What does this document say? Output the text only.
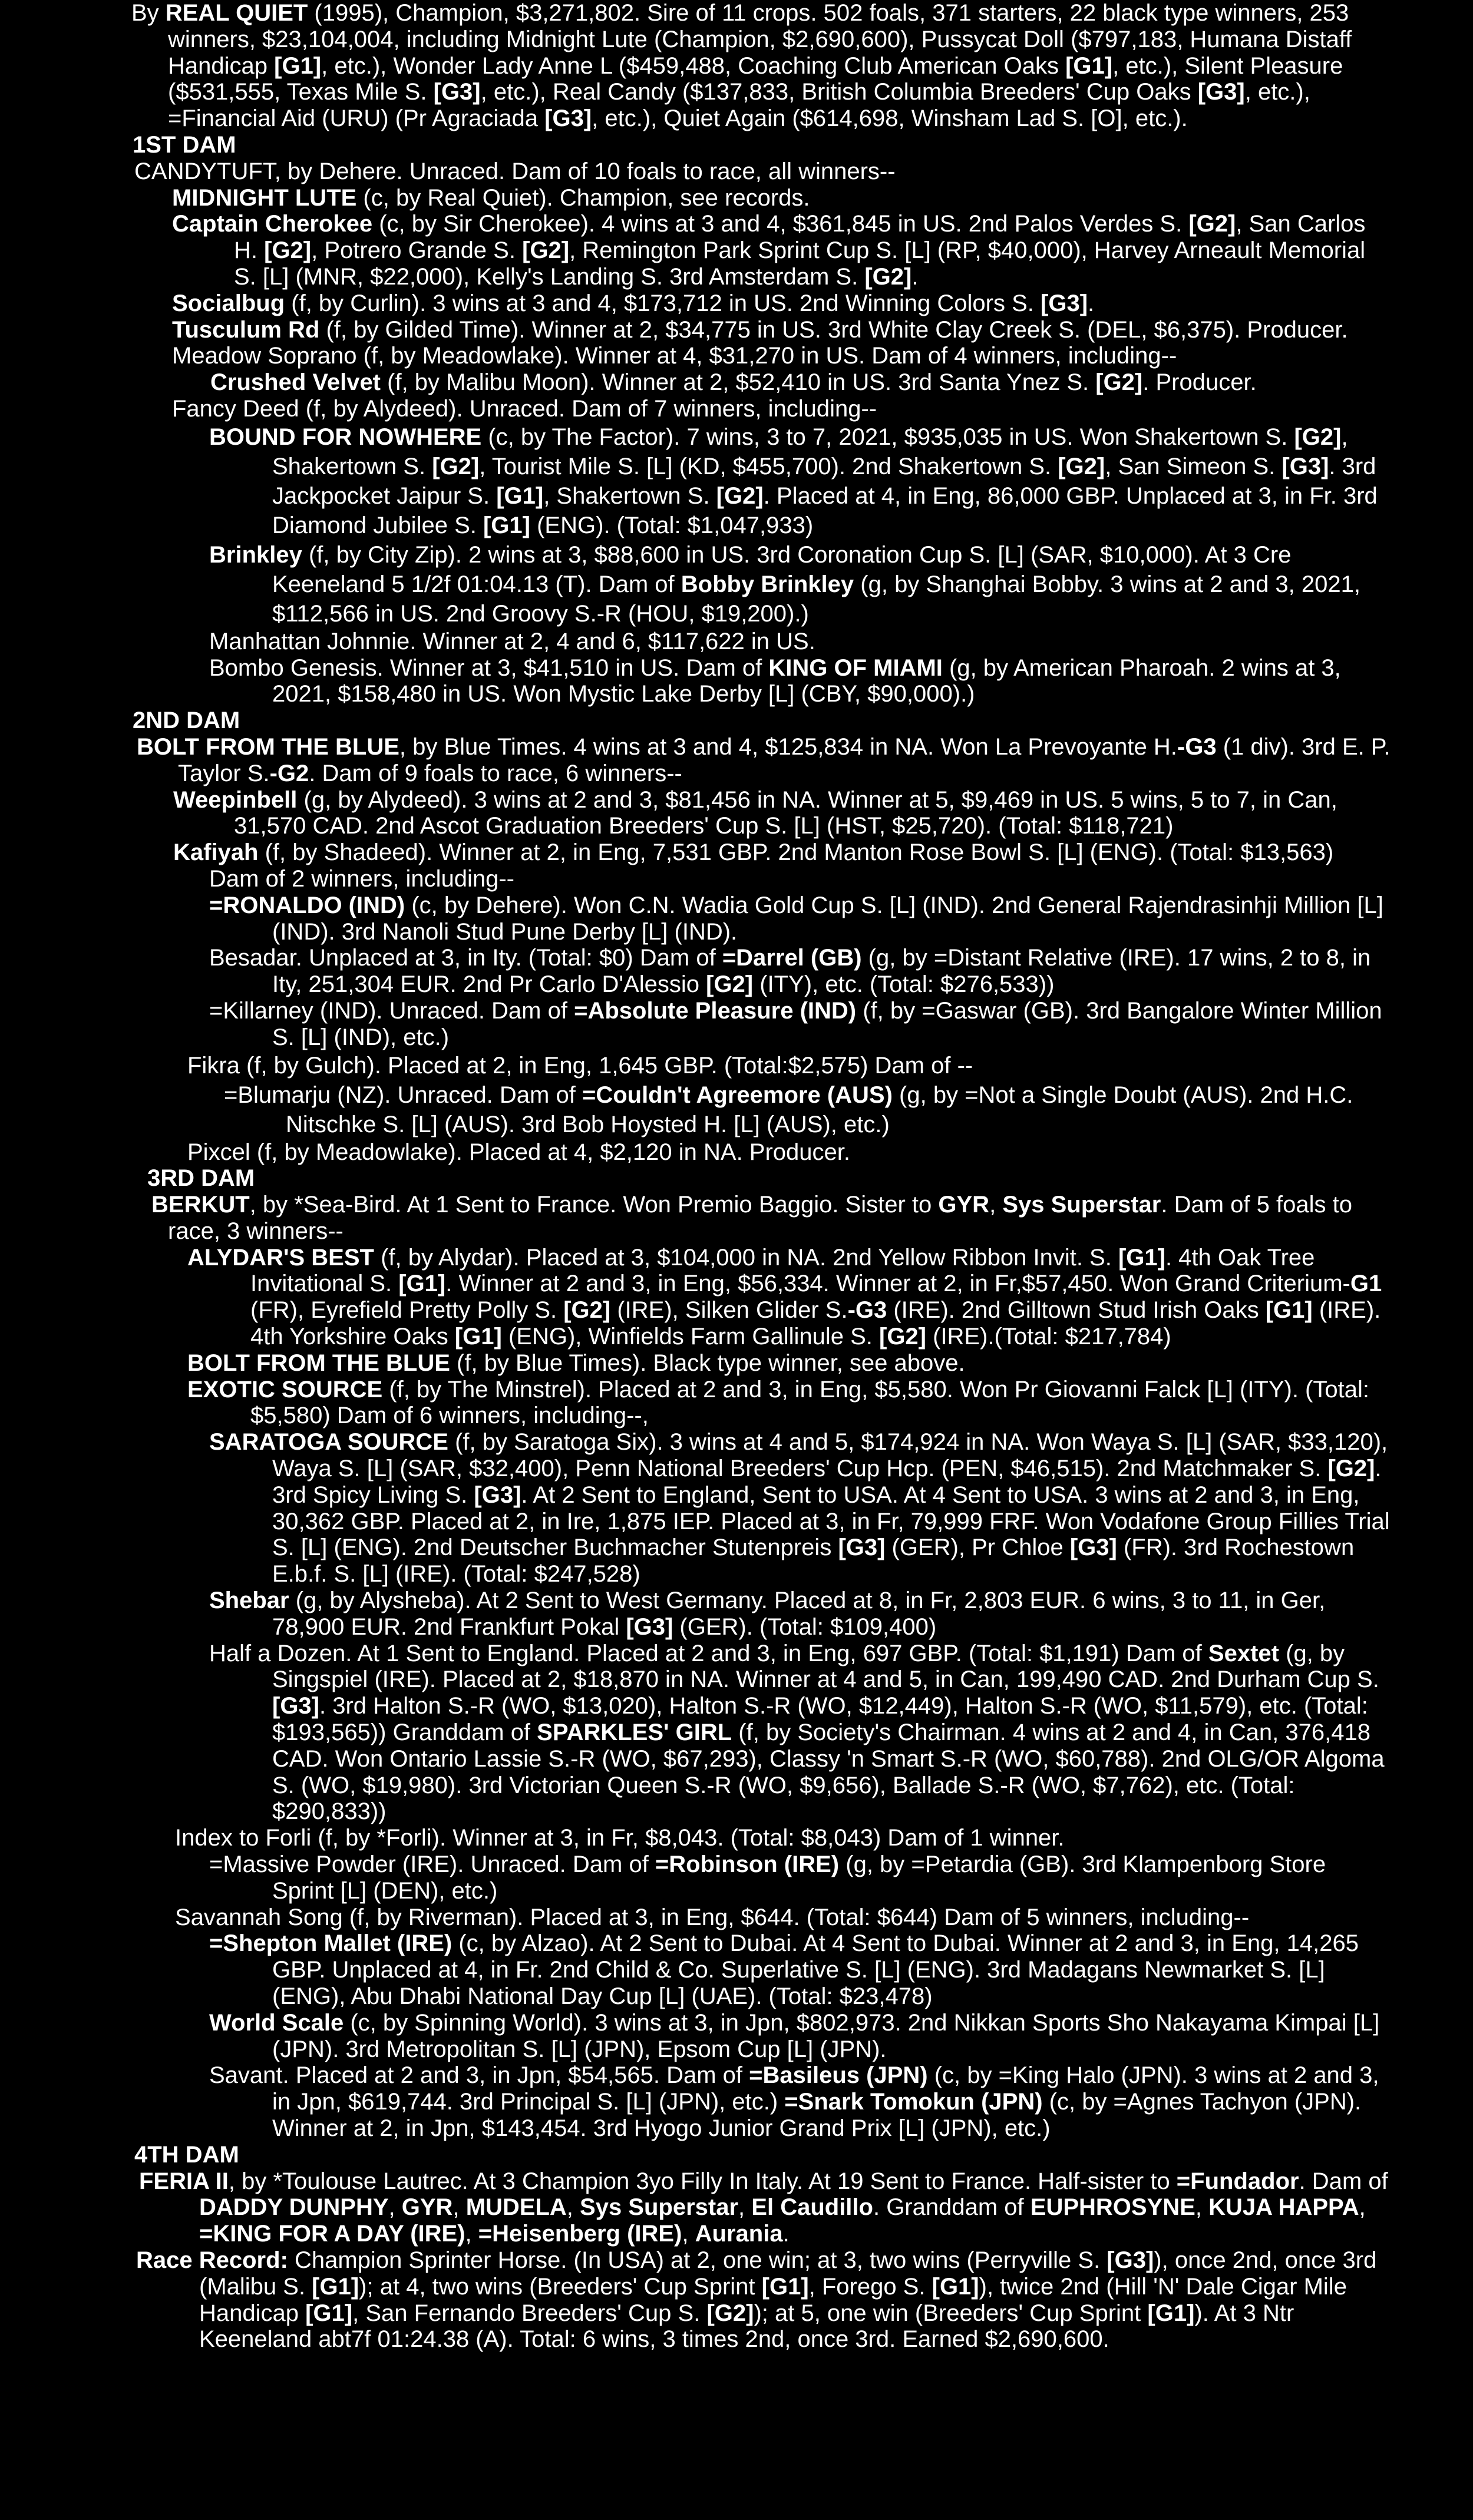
By REAL QUIET (1995), Champion, $3,271,802. Sire of 11 crops. 502 foals, 371 starters, 22 black type winners, 253 winners, $23,104,004, including Midnight Lute (Champion, $2,690,600), Pussycat Doll ($797,183, Humana Distaff Handicap [G1], etc.), Wonder Lady Anne L ($459,488, Coaching Club American Oaks [G1], etc.), Silent Pleasure ($531,555, Texas Mile S. [G3], etc.), Real Candy ($137,833, British Columbia Breeders' Cup Oaks [G3], etc.), =Financial Aid (URU) (Pr Agraciada [G3], etc.), Quiet Again ($614,698, Winsham Lad S. [O], etc.).
1ST DAM
CANDYTUFT, by Dehere. Unraced. Dam of 10 foals to race, all winners--
MIDNIGHT LUTE (c, by Real Quiet). Champion, see records.
Captain Cherokee (c, by Sir Cherokee). 4 wins at 3 and 4, $361,845 in US. 2nd Palos Verdes S. [G2], San Carlos H. [G2], Potrero Grande S. [G2], Remington Park Sprint Cup S. [L] (RP, $40,000), Harvey Arneault Memorial S. [L] (MNR, $22,000), Kelly's Landing S. 3rd Amsterdam S. [G2].
Socialbug (f, by Curlin). 3 wins at 3 and 4, $173,712 in US. 2nd Winning Colors S. [G3].
Tusculum Rd (f, by Gilded Time). Winner at 2, $34,775 in US. 3rd White Clay Creek S. (DEL, $6,375). Producer.
Meadow Soprano (f, by Meadowlake). Winner at 4, $31,270 in US. Dam of 4 winners, including--
Crushed Velvet (f, by Malibu Moon). Winner at 2, $52,410 in US. 3rd Santa Ynez S. [G2]. Producer.
Fancy Deed (f, by Alydeed). Unraced. Dam of 7 winners, including--
BOUND FOR NOWHERE (c, by The Factor). 7 wins, 3 to 7, 2021, $935,035 in US. Won Shakertown S. [G2], Shakertown S. [G2], Tourist Mile S. [L] (KD, $455,700). 2nd Shakertown S. [G2], San Simeon S. [G3]. 3rd Jackpocket Jaipur S. [G1], Shakertown S. [G2]. Placed at 4, in Eng, 86,000 GBP. Unplaced at 3, in Fr. 3rd Diamond Jubilee S. [G1] (ENG). (Total: $1,047,933)
Brinkley (f, by City Zip). 2 wins at 3, $88,600 in US. 3rd Coronation Cup S. [L] (SAR, $10,000). At 3 Cre Keeneland 5 1/2f 01:04.13 (T). Dam of Bobby Brinkley (g, by Shanghai Bobby. 3 wins at 2 and 3, 2021, $112,566 in US. 2nd Groovy S.-R (HOU, $19,200).)
Manhattan Johnnie. Winner at 2, 4 and 6, $117,622 in US.
Bombo Genesis. Winner at 3, $41,510 in US. Dam of KING OF MIAMI (g, by American Pharoah. 2 wins at 3, 2021, $158,480 in US. Won Mystic Lake Derby [L] (CBY, $90,000).)
2ND DAM
BOLT FROM THE BLUE, by Blue Times. 4 wins at 3 and 4, $125,834 in NA. Won La Prevoyante H.-G3 (1 div). 3rd E. P. Taylor S.-G2. Dam of 9 foals to race, 6 winners--
Weepinbell (g, by Alydeed). 3 wins at 2 and 3, $81,456 in NA. Winner at 5, $9,469 in US. 5 wins, 5 to 7, in Can, 31,570 CAD. 2nd Ascot Graduation Breeders' Cup S. [L] (HST, $25,720). (Total: $118,721)
Kafiyah (f, by Shadeed). Winner at 2, in Eng, 7,531 GBP. 2nd Manton Rose Bowl S. [L] (ENG). (Total: $13,563)
Dam of 2 winners, including--
=RONALDO (IND) (c, by Dehere). Won C.N. Wadia Gold Cup S. [L] (IND). 2nd General Rajendrasinhji Million [L] (IND). 3rd Nanoli Stud Pune Derby [L] (IND).
Besadar. Unplaced at 3, in Ity. (Total: $0) Dam of =Darrel (GB) (g, by =Distant Relative (IRE). 17 wins, 2 to 8, in Ity, 251,304 EUR. 2nd Pr Carlo D'Alessio [G2] (ITY), etc. (Total: $276,533))
=Killarney (IND). Unraced. Dam of =Absolute Pleasure (IND) (f, by =Gaswar (GB). 3rd Bangalore Winter Million S. [L] (IND), etc.)
Fikra (f, by Gulch). Placed at 2, in Eng, 1,645 GBP. (Total:$2,575) Dam of --
=Blumarju (NZ). Unraced. Dam of =Couldn't Agreemore (AUS) (g, by =Not a Single Doubt (AUS). 2nd H.C. Nitschke S. [L] (AUS). 3rd Bob Hoysted H. [L] (AUS), etc.)
Pixcel (f, by Meadowlake). Placed at 4, $2,120 in NA. Producer.
3RD DAM
BERKUT, by *Sea-Bird. At 1 Sent to France. Won Premio Baggio. Sister to GYR, Sys Superstar. Dam of 5 foals to race, 3 winners--
ALYDAR'S BEST (f, by Alydar). Placed at 3, $104,000 in NA. 2nd Yellow Ribbon Invit. S. [G1]. 4th Oak Tree Invitational S. [G1]. Winner at 2 and 3, in Eng, $56,334. Winner at 2, in Fr,$57,450. Won Grand Criterium-G1 (FR), Eyrefield Pretty Polly S. [G2] (IRE), Silken Glider S.-G3 (IRE). 2nd Gilltown Stud Irish Oaks [G1] (IRE). 4th Yorkshire Oaks [G1] (ENG), Winfields Farm Gallinule S. [G2] (IRE).(Total: $217,784)
BOLT FROM THE BLUE (f, by Blue Times). Black type winner, see above.
EXOTIC SOURCE (f, by The Minstrel). Placed at 2 and 3, in Eng, $5,580. Won Pr Giovanni Falck [L] (ITY). (Total: $5,580) Dam of 6 winners, including--,
SARATOGA SOURCE (f, by Saratoga Six). 3 wins at 4 and 5, $174,924 in NA. Won Waya S. [L] (SAR, $33,120), Waya S. [L] (SAR, $32,400), Penn National Breeders' Cup Hcp. (PEN, $46,515). 2nd Matchmaker S. [G2]. 3rd Spicy Living S. [G3]. At 2 Sent to England, Sent to USA. At 4 Sent to USA. 3 wins at 2 and 3, in Eng, 30,362 GBP. Placed at 2, in Ire, 1,875 IEP. Placed at 3, in Fr, 79,999 FRF. Won Vodafone Group Fillies Trial S. [L] (ENG). 2nd Deutscher Buchmacher Stutenpreis [G3] (GER), Pr Chloe [G3] (FR). 3rd Rochestown E.b.f. S. [L] (IRE). (Total: $247,528)
Shebar (g, by Alysheba). At 2 Sent to West Germany. Placed at 8, in Fr, 2,803 EUR. 6 wins, 3 to 11, in Ger, 78,900 EUR. 2nd Frankfurt Pokal [G3] (GER). (Total: $109,400)
Half a Dozen. At 1 Sent to England. Placed at 2 and 3, in Eng, 697 GBP. (Total: $1,191) Dam of Sextet (g, by Singspiel (IRE). Placed at 2, $18,870 in NA. Winner at 4 and 5, in Can, 199,490 CAD. 2nd Durham Cup S. [G3]. 3rd Halton S.-R (WO, $13,020), Halton S.-R (WO, $12,449), Halton S.-R (WO, $11,579), etc. (Total: $193,565)) Granddam of SPARKLES' GIRL (f, by Society's Chairman. 4 wins at 2 and 4, in Can, 376,418 CAD. Won Ontario Lassie S.-R (WO, $67,293), Classy 'n Smart S.-R (WO, $60,788). 2nd OLG/OR Algoma S. (WO, $19,980). 3rd Victorian Queen S.-R (WO, $9,656), Ballade S.-R (WO, $7,762), etc. (Total: $290,833))
Index to Forli (f, by *Forli). Winner at 3, in Fr, $8,043. (Total: $8,043) Dam of 1 winner.
=Massive Powder (IRE). Unraced. Dam of =Robinson (IRE) (g, by =Petardia (GB). 3rd Klampenborg Store Sprint [L] (DEN), etc.)
Savannah Song (f, by Riverman). Placed at 3, in Eng, $644. (Total: $644) Dam of 5 winners, including--
=Shepton Mallet (IRE) (c, by Alzao). At 2 Sent to Dubai. At 4 Sent to Dubai. Winner at 2 and 3, in Eng, 14,265 GBP. Unplaced at 4, in Fr. 2nd Child & Co. Superlative S. [L] (ENG). 3rd Madagans Newmarket S. [L] (ENG), Abu Dhabi National Day Cup [L] (UAE). (Total: $23,478)
World Scale (c, by Spinning World). 3 wins at 3, in Jpn, $802,973. 2nd Nikkan Sports Sho Nakayama Kimpai [L] (JPN). 3rd Metropolitan S. [L] (JPN), Epsom Cup [L] (JPN).
Savant. Placed at 2 and 3, in Jpn, $54,565. Dam of =Basileus (JPN) (c, by =King Halo (JPN). 3 wins at 2 and 3, in Jpn, $619,744. 3rd Principal S. [L] (JPN), etc.) =Snark Tomokun (JPN) (c, by =Agnes Tachyon (JPN). Winner at 2, in Jpn, $143,454. 3rd Hyogo Junior Grand Prix [L] (JPN), etc.)
4TH DAM
FERIA II, by *Toulouse Lautrec. At 3 Champion 3yo Filly In Italy. At 19 Sent to France. Half-sister to =Fundador. Dam of DADDY DUNPHY, GYR, MUDELA, Sys Superstar, El Caudillo. Granddam of EUPHROSYNE, KUJA HAPPA, =KING FOR A DAY (IRE), =Heisenberg (IRE), Aurania.
Race Record: Champion Sprinter Horse. (In USA) at 2, one win; at 3, two wins (Perryville S. [G3]), once 2nd, once 3rd (Malibu S. [G1]); at 4, two wins (Breeders' Cup Sprint [G1], Forego S. [G1]), twice 2nd (Hill 'N' Dale Cigar Mile Handicap [G1], San Fernando Breeders' Cup S. [G2]); at 5, one win (Breeders' Cup Sprint [G1]). At 3 Ntr Keeneland abt7f 01:24.38 (A). Total: 6 wins, 3 times 2nd, once 3rd. Earned $2,690,600.
